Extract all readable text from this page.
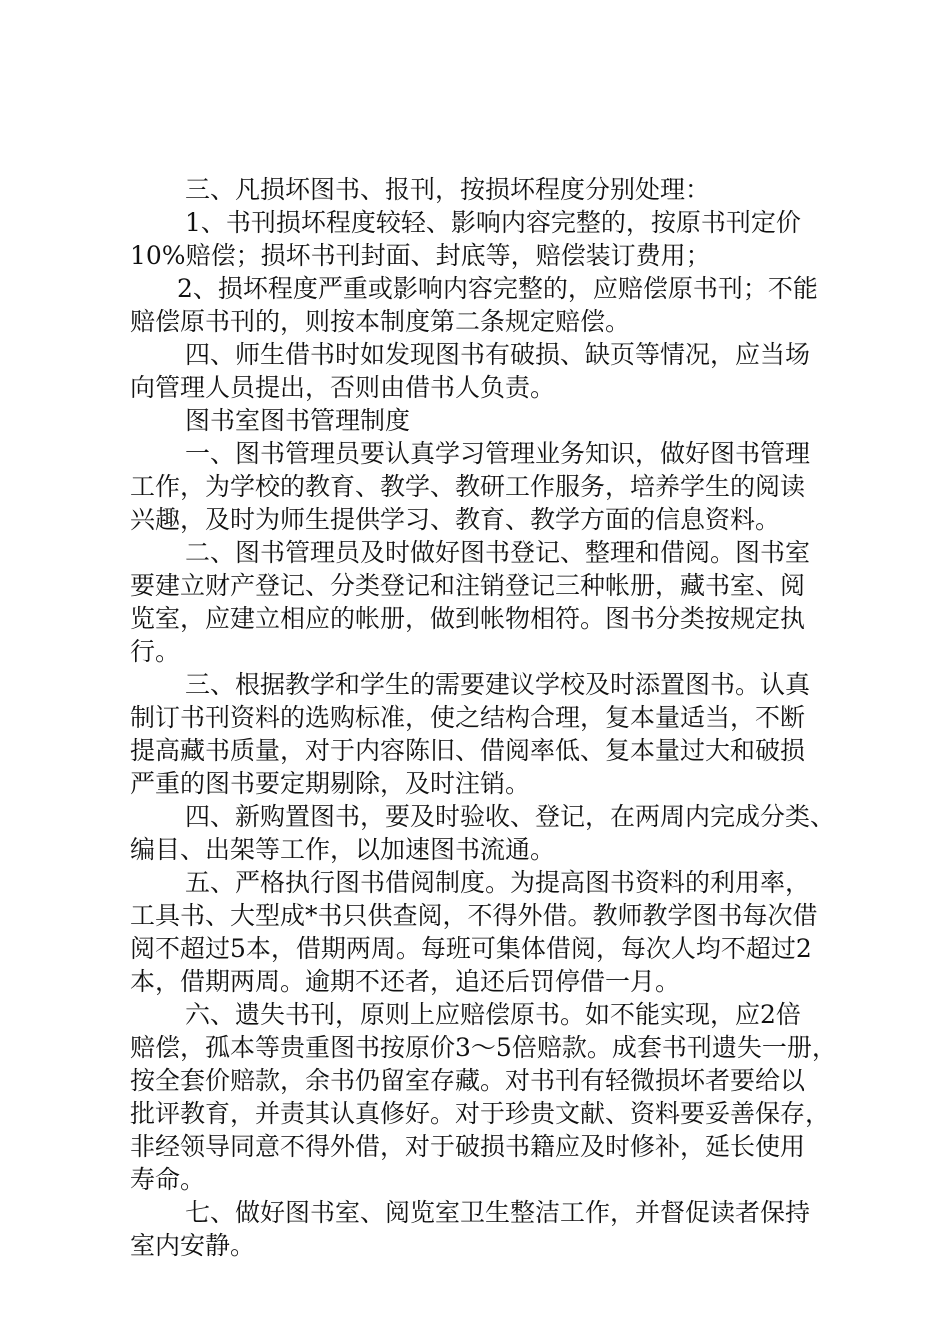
三、凡损坏图书、报刊，按损坏程度分别处理：
1、书刊损坏程度较轻、影响内容完整的，按原书刊定价
10%赔偿；损坏书刊封面、封底等，赔偿装订费用；
2、损坏程度严重或影响内容完整的，应赔偿原书刊；不能
赔偿原书刊的，则按本制度第二条规定赔偿。
四、师生借书时如发现图书有破损、缺页等情况，应当场
向管理人员提出，否则由借书人负责。
图书室图书管理制度
一、图书管理员要认真学习管理业务知识，做好图书管理
工作，为学校的教育、教学、教研工作服务，培养学生的阅读
兴趣，及时为师生提供学习、教育、教学方面的信息资料。
二、图书管理员及时做好图书登记、整理和借阅。图书室
要建立财产登记、分类登记和注销登记三种帐册，藏书室、阅
览室，应建立相应的帐册，做到帐物相符。图书分类按规定执
行。
三、根据教学和学生的需要建议学校及时添置图书。认真
制订书刊资料的选购标准，使之结构合理，复本量适当，不断
提高藏书质量，对于内容陈旧、借阅率低、复本量过大和破损
严重的图书要定期剔除，及时注销。
四、新购置图书，要及时验收、登记，在两周内完成分类、
编目、出架等工作，以加速图书流通。
五、严格执行图书借阅制度。为提高图书资料的利用率，
工具书、大型成*书只供查阅，不得外借。教师教学图书每次借
阅不超过5本，借期两周。每班可集体借阅，每次人均不超过2
本，借期两周。逾期不还者，追还后罚停借一月。
六、遗失书刊，原则上应赔偿原书。如不能实现，应2倍
赔偿，孤本等贵重图书按原价3～5倍赔款。成套书刊遗失一册，
按全套价赔款，余书仍留室存藏。对书刊有轻微损坏者要给以
批评教育，并责其认真修好。对于珍贵文献、资料要妥善保存，
非经领导同意不得外借，对于破损书籍应及时修补，延长使用
寿命。
七、做好图书室、阅览室卫生整洁工作，并督促读者保持
室内安静。
